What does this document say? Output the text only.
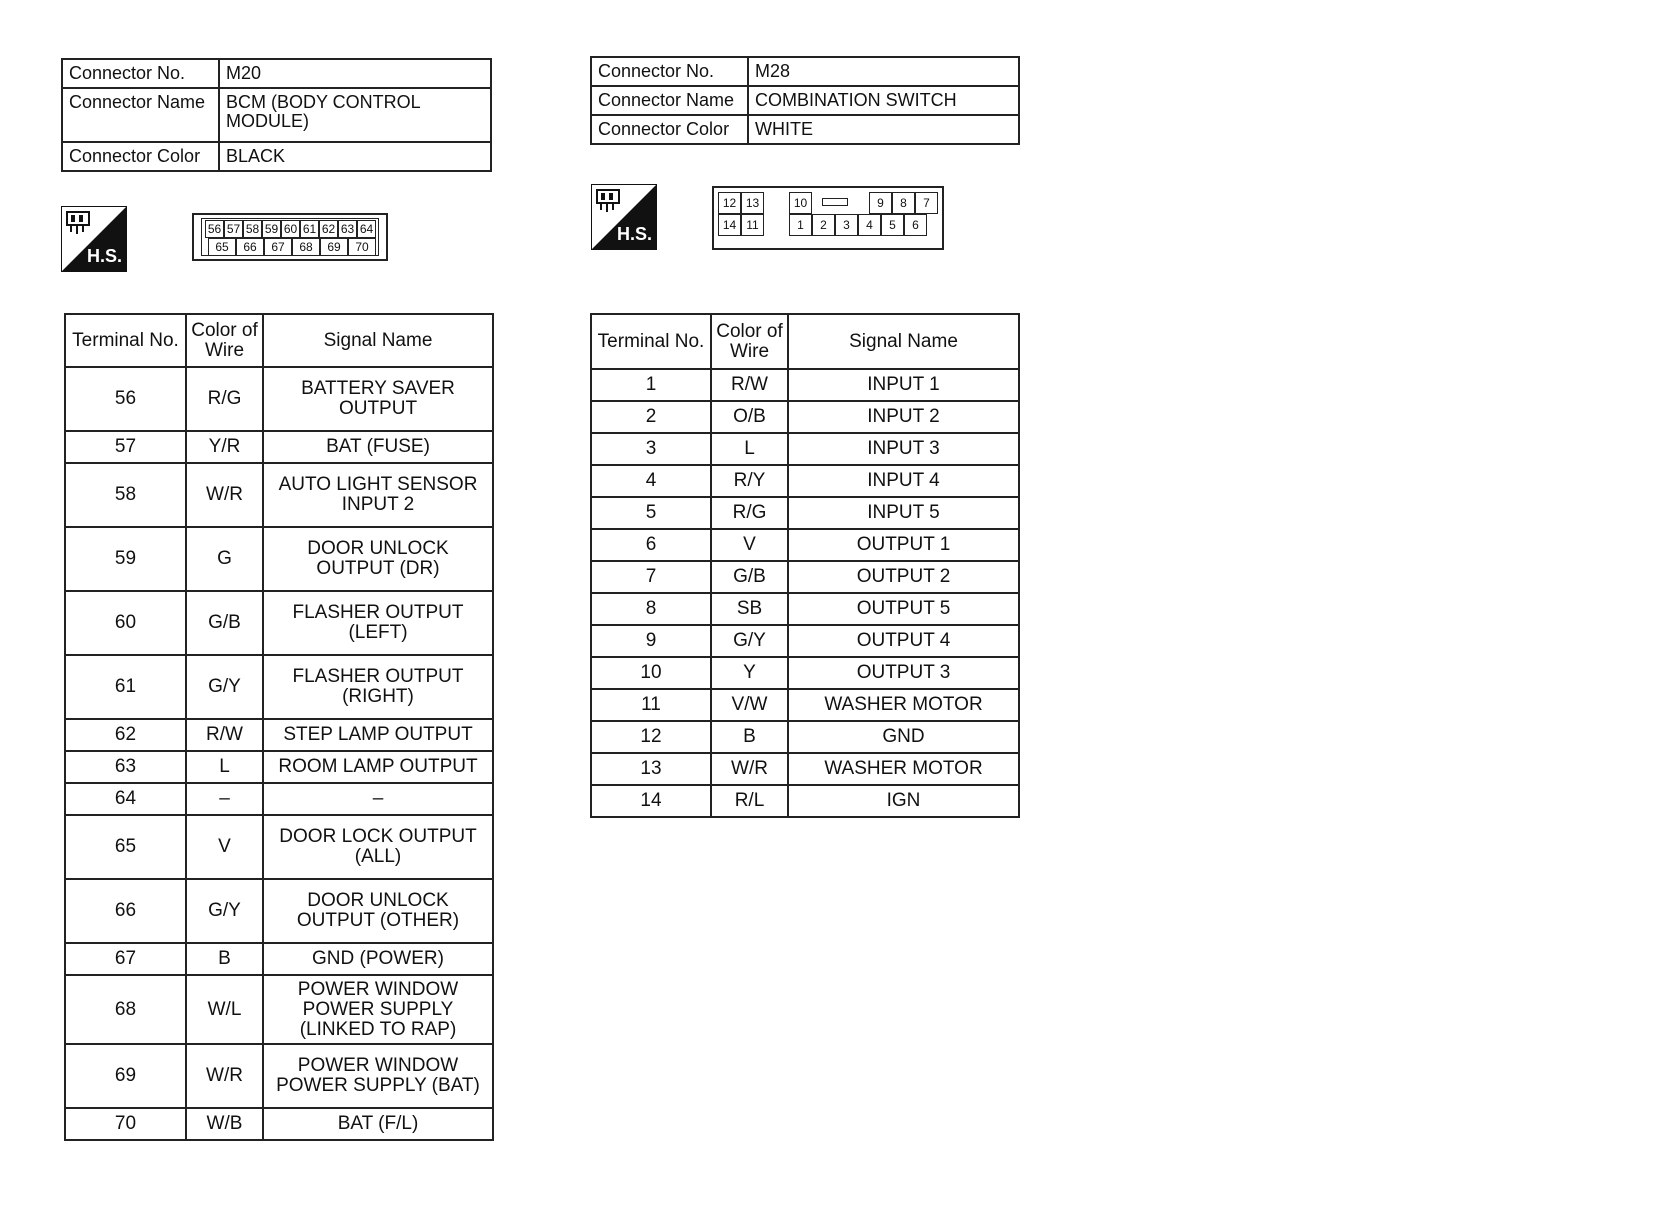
Connector No.	M20
Connector Name	BCM (BODY CONTROL MODULE)
Connector Color	BLACK
H.S.
56 57 58 59 60 61 62 63 64
65	66	67	68	69	70
Terminal No.	Color of Wire	Signal Name
56	R/G	BATTERY SAVER OUTPUT
57	Y/R	BAT (FUSE)
58	W/R	AUTO LIGHT SENSOR INPUT 2
59	G	DOOR UNLOCK OUTPUT (DR)
60	G/B	FLASHER OUTPUT (LEFT)
61	G/Y	FLASHER OUTPUT (RIGHT)
62	R/W	STEP LAMP OUTPUT
63	L	ROOM LAMP OUTPUT
64	–	–
65	V	DOOR LOCK OUTPUT (ALL)
66	G/Y	DOOR UNLOCK OUTPUT (OTHER)
67	B	GND (POWER)
68	W/L	POWER WINDOW POWER SUPPLY (LINKED TO RAP)
69	W/R	POWER WINDOW POWER SUPPLY (BAT)
70	W/B	BAT (F/L)
Connector No.	M28
Connector Name	COMBINATION SWITCH
Connector Color	WHITE
H.S.
12 13	10	9	8	7
14 11	1	2	3	4	5	6
Terminal No.	Color of Wire	Signal Name
1	R/W	INPUT 1
2	O/B	INPUT 2
3	L	INPUT 3
4	R/Y	INPUT 4
5	R/G	INPUT 5
6	V	OUTPUT 1
7	G/B	OUTPUT 2
8	SB	OUTPUT 5
9	G/Y	OUTPUT 4
10	Y	OUTPUT 3
11	V/W	WASHER MOTOR
12	B	GND
13	W/R	WASHER MOTOR
14	R/L	IGN
